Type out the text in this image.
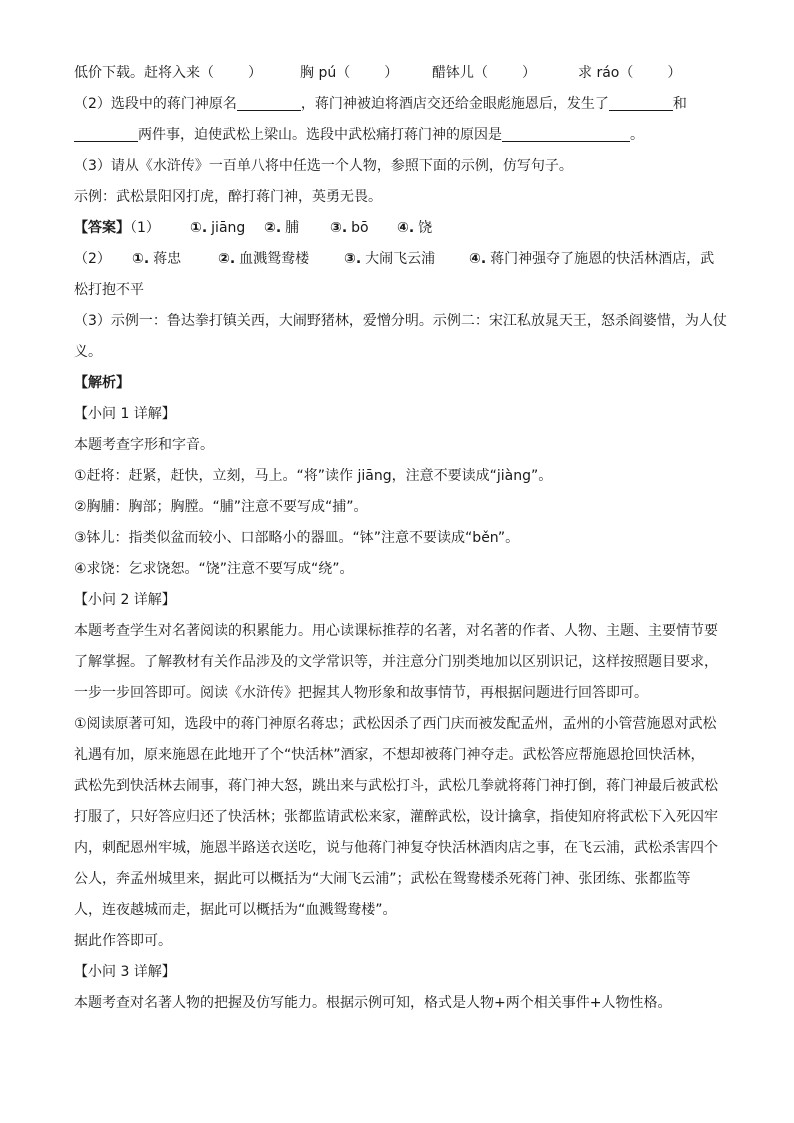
低价下载。赶将入来（ ）	胸 pú（ ） 醋钵儿（ ）	求 ráo（ ）
（2）选段中的蒋门神原名	，蒋门神被迫将酒店交还给金眼彪施恩后，发生了	和
两件事，迫使武松上梁山。选段中武松痛打蒋门神的原因是	。
（3）请从《水浒传》一百单八将中任选一个人物，参照下面的示例，仿写句子。
示例：武松景阳冈打虎，醉打蒋门神，英勇无畏。
【答案】（1） ①. jiāng ②. 脯 ③. bō ④. 饶
（2） ①. 蒋忠	②. 血溅鸳鸯楼 ③. 大闹飞云浦 ④. 蒋门神强夺了施恩的快活林酒店，武
松打抱不平
（3）示例一：鲁达拳打镇关西，大闹野猪林，爱憎分明。示例二：宋江私放晁天王，怒杀阎婆惜，为人仗
义。
【解析】
【小问 1 详解】
本题考查字形和字音。
①赶将：赶紧，赶快，立刻，马上。“将”读作 jiāng，注意不要读成“jiàng”。
②胸脯：胸部；胸膛。“脯”注意不要写成“捕”。
③钵儿：指类似盆而较小、口部略小的器皿。“钵”注意不要读成“běn”。
④求饶：乞求饶恕。“饶”注意不要写成“绕”。
【小问 2 详解】
本题考查学生对名著阅读的积累能力。用心读课标推荐的名著，对名著的作者、人物、主题、主要情节要
了解掌握。了解教材有关作品涉及的文学常识等，并注意分门别类地加以区别识记，这样按照题目要求，
一步一步回答即可。阅读《水浒传》把握其人物形象和故事情节，再根据问题进行回答即可。
①阅读原著可知，选段中的蒋门神原名蒋忠；武松因杀了西门庆而被发配孟州，孟州的小管营施恩对武松
礼遇有加，原来施恩在此地开了个“快活林”酒家，不想却被蒋门神夺走。武松答应帮施恩抢回快活林，
武松先到快活林去闹事，蒋门神大怒，跳出来与武松打斗，武松几拳就将蒋门神打倒，蒋门神最后被武松
打服了，只好答应归还了快活林；张都监请武松来家，灌醉武松，设计擒拿，指使知府将武松下入死囚牢
内，刺配恩州牢城，施恩半路送衣送吃，说与他蒋门神复夺快活林酒肉店之事，在飞云浦，武松杀害四个
公人，奔孟州城里来，据此可以概括为“大闹飞云浦”；武松在鸳鸯楼杀死蒋门神、张团练、张都监等
人，连夜越城而走，据此可以概括为“血溅鸳鸯楼”。
据此作答即可。
【小问 3 详解】
本题考查对名著人物的把握及仿写能力。根据示例可知，格式是人物+两个相关事件+人物性格。
